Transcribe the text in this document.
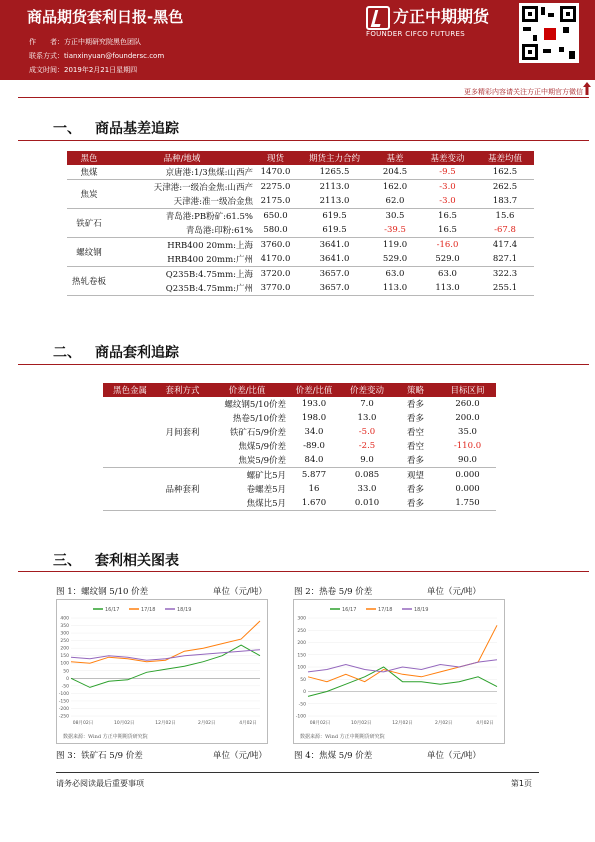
商品期货套利日报-黑色
作　　者：方正中期研究院黑色团队
联系方式：tianxinyuan@foundersc.com
成文时间：2019年2月21日星期四
方正中期期货
FOUNDER CIFCO FUTURES
更多精彩内容请关注方正中期官方微信
一、 商品基差追踪
黑色	品种/地域	现货	期货主力合约	基差	基差变动	基差均值
焦煤	京唐港:1/3焦煤:山西产	1470.0	1265.5	204.5	-9.5	162.5
焦炭	天津港:一级冶金焦:山西产	2275.0	2113.0	162.0	-3.0	262.5
	天津港:准一级冶金焦	2175.0	2113.0	62.0	-3.0	183.7
铁矿石	青岛港:PB粉矿:61.5%	650.0	619.5	30.5	16.5	15.6
	青岛港:印粉:61%	580.0	619.5	-39.5	16.5	-67.8
螺纹钢	HRB400 20mm:上海	3760.0	3641.0	119.0	-16.0	417.4
	HRB400 20mm:广州	4170.0	3641.0	529.0	529.0	827.1
热轧卷板	Q235B:4.75mm:上海	3720.0	3657.0	63.0	63.0	322.3
	Q235B:4.75mm:广州	3770.0	3657.0	113.0	113.0	255.1
二、 商品套利追踪
黑色金属	套利方式	价差/比值	价差/比值	价差变动	策略	目标区间
	月间套利	螺纹钢5/10价差	193.0	7.0	看多	260.0
		热卷5/10价差	198.0	13.0	看多	200.0
		铁矿石5/9价差	34.0	-5.0	看空	35.0
		焦煤5/9价差	-89.0	-2.5	看空	-110.0
		焦炭5/9价差	84.0	9.0	看多	90.0
	品种套利	螺矿比5月	5.877	0.085	观望	0.000
		卷螺差5月	16	33.0	看多	0.000
		焦煤比5月	1.670	0.010	看多	1.750
三、 套利相关图表
图 1：螺纹钢 5/10 价差	单位（元/吨）	图 2：热卷 5/9 价差	单位（元/吨）
16/17	17/18	18/19
400
350
300
250
200
150
100
50
0
-50
-100
-150
-200
-250
08月02日	10月02日	12月02日	2月02日	4月02日
数据来源：Wind 方正中期期货研究院
16/17	17/18	18/19
300
250
200
150
100
50
0
-50
-100
08月02日	10月02日	12月02日	2月02日	4月02日
数据来源：Wind 方正中期期货研究院
图 3：铁矿石 5/9 价差	单位（元/吨）	图 4：焦煤 5/9 价差	单位（元/吨）
请务必阅读最后重要事项	第1页
